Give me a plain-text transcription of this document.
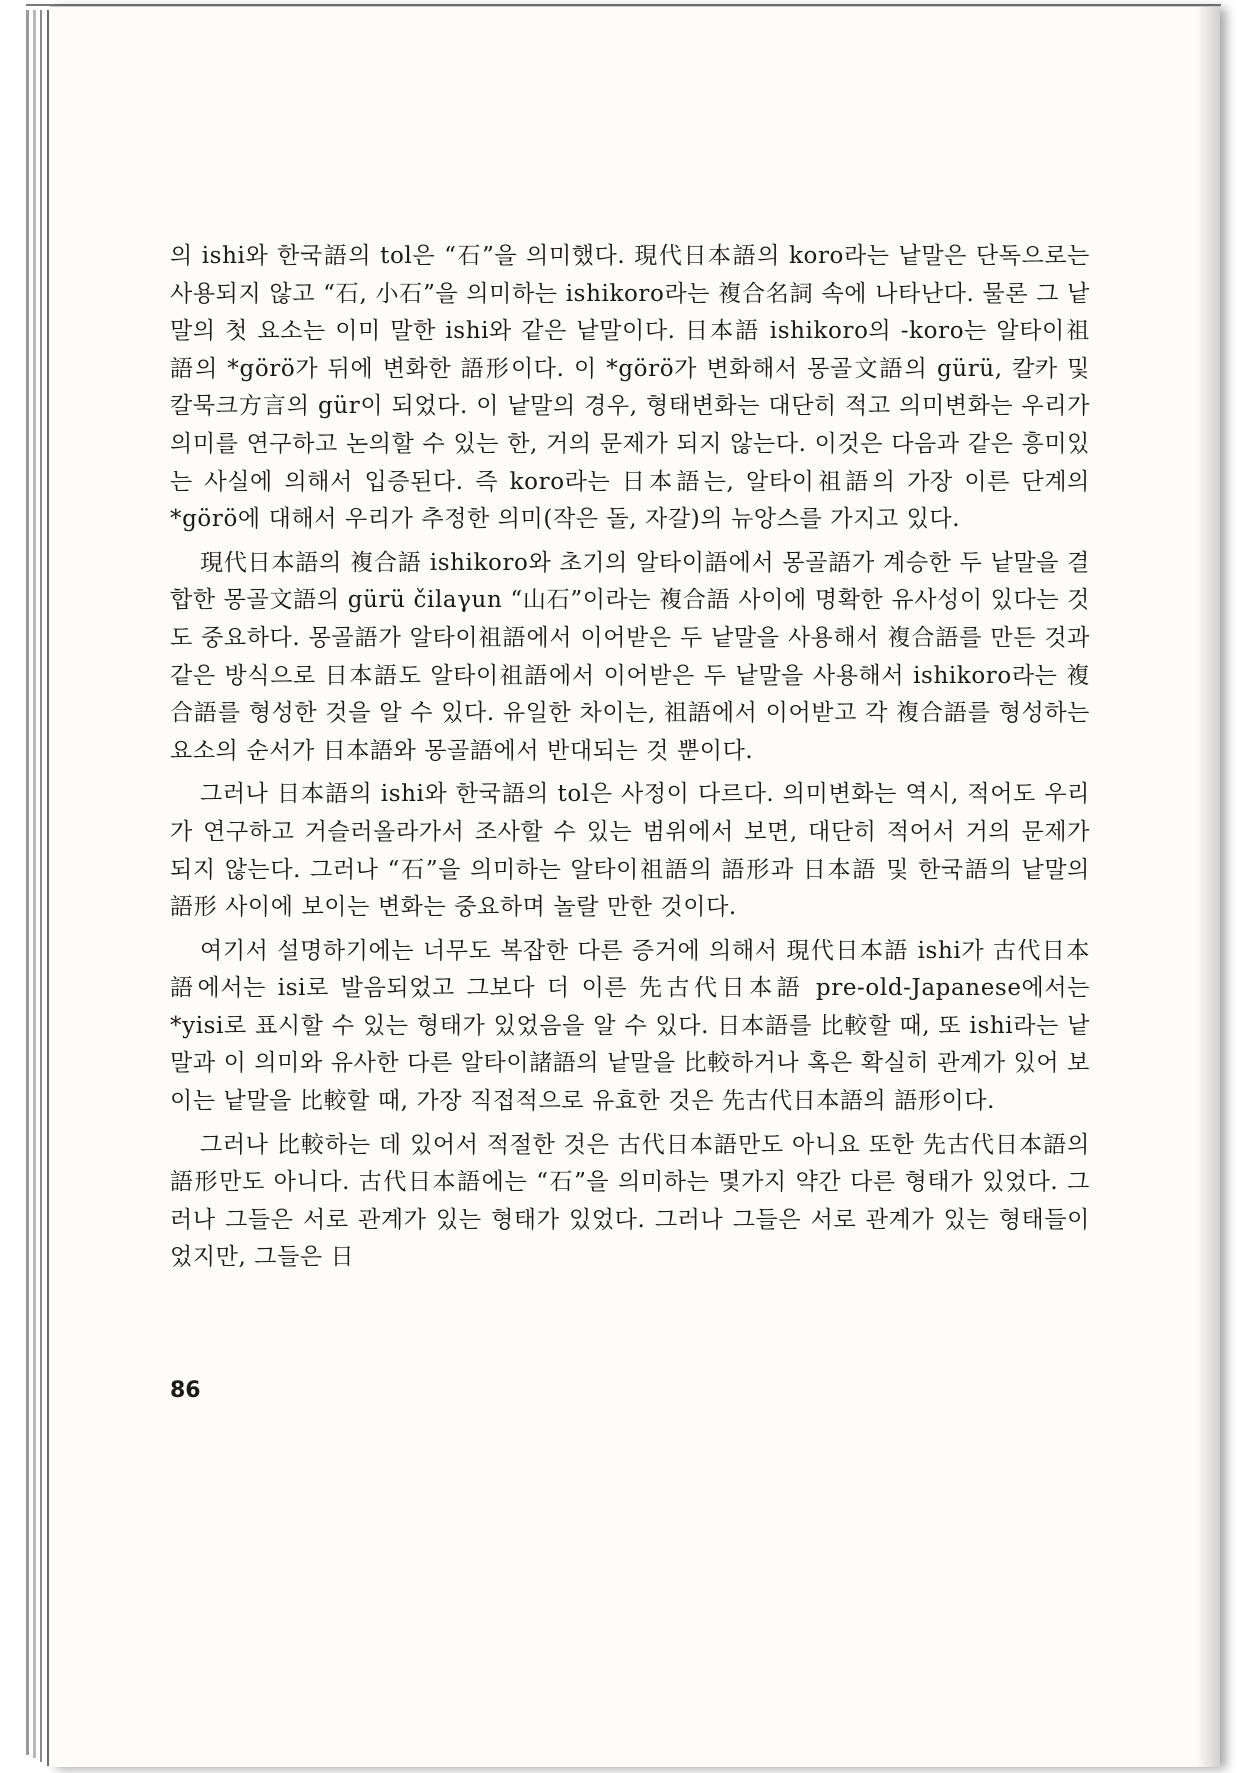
의 ishi와 한국語의 tol은 “石”을 의미했다. 現代日本語의 koro라는 낱말은 단독으로는 사용되지 않고 “石, 小石”을 의미하는 ishikoro라는 複合名詞 속에 나타난다. 물론 그 낱말의 첫 요소는 이미 말한 ishi와 같은 낱말이다. 日本語 ishikoro의 -koro는 알타이祖語의 *görö가 뒤에 변화한 語形이다. 이 *görö가 변화해서 몽골文語의 gürü, 칼카 및 칼묵크方言의 gür이 되었다. 이 낱말의 경우, 형태변화는 대단히 적고 의미변화는 우리가 의미를 연구하고 논의할 수 있는 한, 거의 문제가 되지 않는다. 이것은 다음과 같은 흥미있는 사실에 의해서 입증된다. 즉 koro라는 日本語는, 알타이祖語의 가장 이른 단계의 *görö에 대해서 우리가 추정한 의미(작은 돌, 자갈)의 뉴앙스를 가지고 있다.

現代日本語의 複合語 ishikoro와 초기의 알타이語에서 몽골語가 계승한 두 낱말을 결합한 몽골文語의 gürü čilaγun “山石”이라는 複合語 사이에 명확한 유사성이 있다는 것도 중요하다. 몽골語가 알타이祖語에서 이어받은 두 낱말을 사용해서 複合語를 만든 것과 같은 방식으로 日本語도 알타이祖語에서 이어받은 두 낱말을 사용해서 ishikoro라는 複合語를 형성한 것을 알 수 있다. 유일한 차이는, 祖語에서 이어받고 각 複合語를 형성하는 요소의 순서가 日本語와 몽골語에서 반대되는 것 뿐이다.

그러나 日本語의 ishi와 한국語의 tol은 사정이 다르다. 의미변화는 역시, 적어도 우리가 연구하고 거슬러올라가서 조사할 수 있는 범위에서 보면, 대단히 적어서 거의 문제가 되지 않는다. 그러나 “石”을 의미하는 알타이祖語의 語形과 日本語 및 한국語의 낱말의 語形 사이에 보이는 변화는 중요하며 놀랄 만한 것이다.

여기서 설명하기에는 너무도 복잡한 다른 증거에 의해서 現代日本語 ishi가 古代日本語에서는 isi로 발음되었고 그보다 더 이른 先古代日本語 pre-old-Japanese에서는 *yisi로 표시할 수 있는 형태가 있었음을 알 수 있다. 日本語를 比較할 때, 또 ishi라는 낱말과 이 의미와 유사한 다른 알타이諸語의 낱말을 比較하거나 혹은 확실히 관계가 있어 보이는 낱말을 比較할 때, 가장 직접적으로 유효한 것은 先古代日本語의 語形이다.

그러나 比較하는 데 있어서 적절한 것은 古代日本語만도 아니요 또한 先古代日本語의 語形만도 아니다. 古代日本語에는 “石”을 의미하는 몇가지 약간 다른 형태가 있었다. 그러나 그들은 서로 관계가 있는 형태가 있었다. 그러나 그들은 서로 관계가 있는 형태들이었지만, 그들은 日

86
